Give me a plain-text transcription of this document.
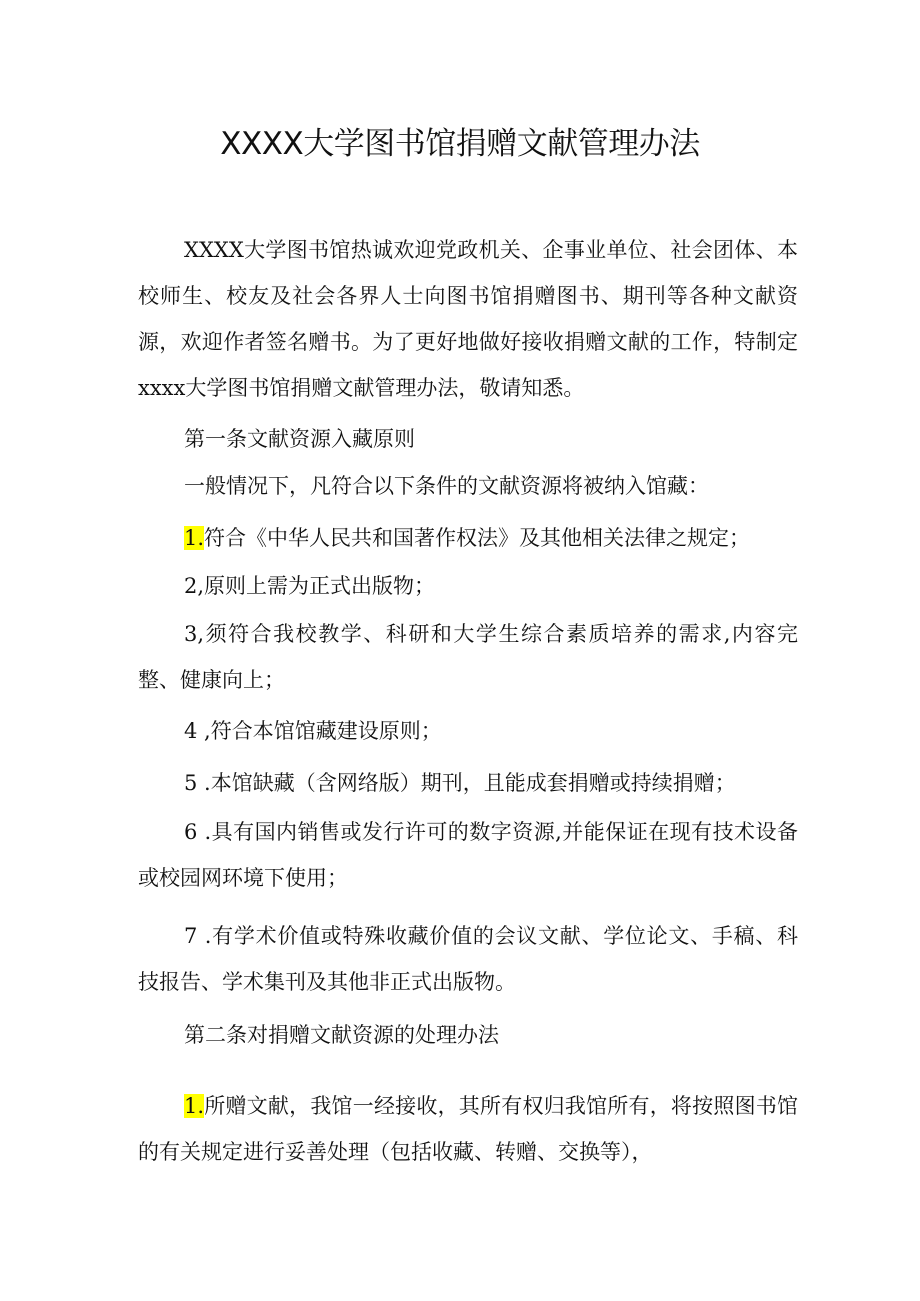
XXXX大学图书馆捐赠文献管理办法

XXXX大学图书馆热诚欢迎党政机关、企事业单位、社会团体、本校师生、校友及社会各界人士向图书馆捐赠图书、期刊等各种文献资源，欢迎作者签名赠书。为了更好地做好接收捐赠文献的工作，特制定xxxx大学图书馆捐赠文献管理办法，敬请知悉。

第一条文献资源入藏原则

一般情况下，凡符合以下条件的文献资源将被纳入馆藏：

1.符合《中华人民共和国著作权法》及其他相关法律之规定；

2,原则上需为正式出版物；

3,须符合我校教学、科研和大学生综合素质培养的需求,内容完整、健康向上；

4 ,符合本馆馆藏建设原则；

5 .本馆缺藏（含网络版）期刊，且能成套捐赠或持续捐赠；

6 .具有国内销售或发行许可的数字资源,并能保证在现有技术设备或校园网环境下使用；

7 .有学术价值或特殊收藏价值的会议文献、学位论文、手稿、科技报告、学术集刊及其他非正式出版物。

第二条对捐赠文献资源的处理办法

1.所赠文献，我馆一经接收，其所有权归我馆所有，将按照图书馆的有关规定进行妥善处理（包括收藏、转赠、交换等），
